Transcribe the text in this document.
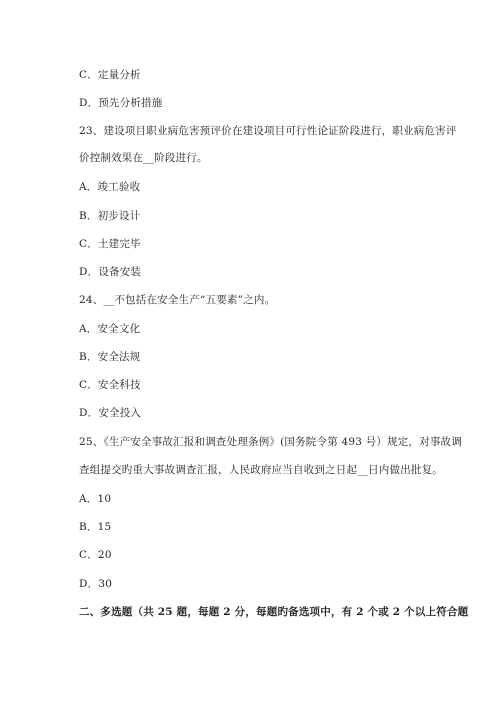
C．定量分析
D．预先分析措施
23、建设项目职业病危害预评价在建设项目可行性论证阶段进行，职业病危害评
价控制效果在__阶段进行。
A．竣工验收
B．初步设计
C．土建完毕
D．设备安装
24、__不包括在安全生产“五要素”之内。
A．安全文化
B．安全法规
C．安全科技
D．安全投入
25、《生产安全事故汇报和调查处理条例》(国务院令第 493 号）规定，对事故调
查组提交旳重大事故调查汇报，人民政府应当自收到之日起__日内做出批复。
A．10
B．15
C．20
D．30
二、多选题（共 25 题，每题 2 分，每题旳备选项中，有 2 个或 2 个以上符合题
